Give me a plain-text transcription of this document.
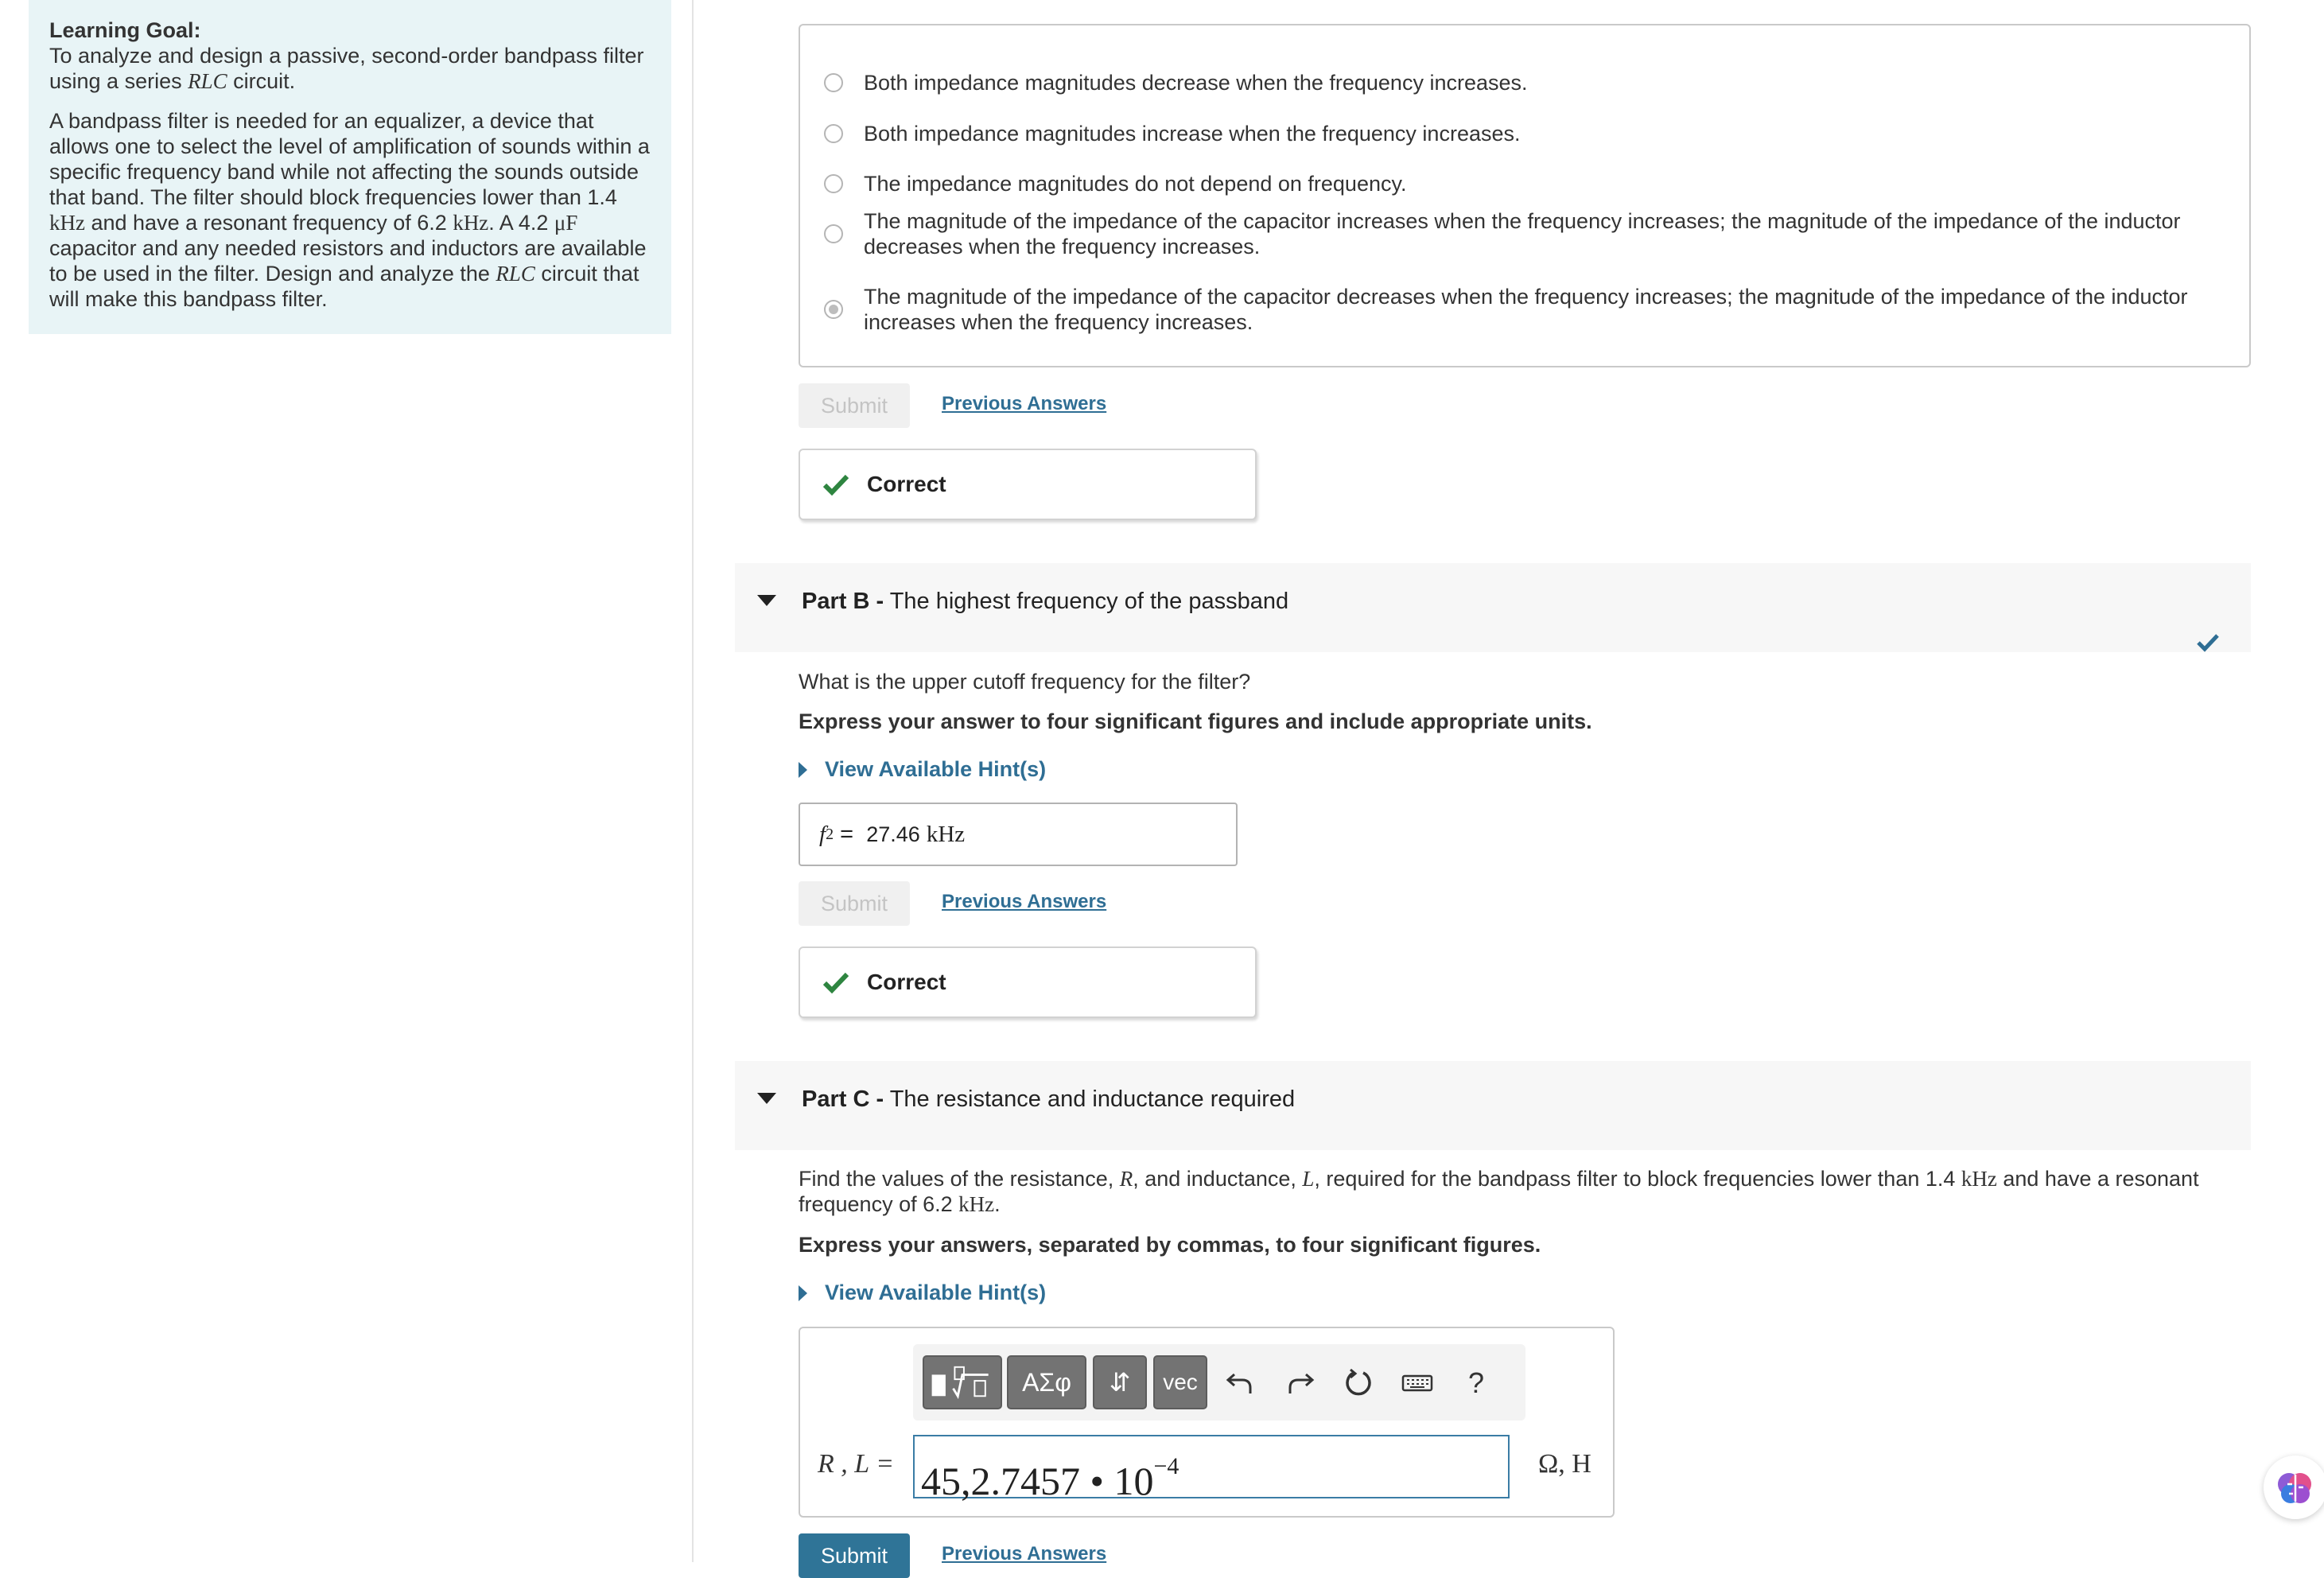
Learning Goal:

To analyze and design a passive, second-order bandpass filter using a series RLC circuit.

A bandpass filter is needed for an equalizer, a device that allows one to select the level of amplification of sounds within a specific frequency band while not affecting the sounds outside that band. The filter should block frequencies lower than 1.4 kHz and have a resonant frequency of 6.2 kHz. A 4.2 μF capacitor and any needed resistors and inductors are available to be used in the filter. Design and analyze the RLC circuit that will make this bandpass filter.

Both impedance magnitudes decrease when the frequency increases.
Both impedance magnitudes increase when the frequency increases.
The impedance magnitudes do not depend on frequency.
The magnitude of the impedance of the capacitor increases when the frequency increases; the magnitude of the impedance of the inductor decreases when the frequency increases.
The magnitude of the impedance of the capacitor decreases when the frequency increases; the magnitude of the impedance of the inductor increases when the frequency increases.
Submit	Previous Answers
Correct
Part B - The highest frequency of the passband
What is the upper cutoff frequency for the filter?
Express your answer to four significant figures and include appropriate units.
View Available Hint(s)
f 2 =
27.46
kHz
Submit	Previous Answers
Correct
Part C - The resistance and inductance required
Find the values of the resistance, R, and inductance, L, required for the bandpass filter to block frequencies lower than 1.4 kHz and have a resonant frequency of 6.2 kHz.
Express your answers, separated by commas, to four significant figures.
View Available Hint(s)
ΑΣφ	⇵	vec	?
R , L = 45,2.7457 • $10^{-4}$	Ω, H
Submit	Previous Answers
